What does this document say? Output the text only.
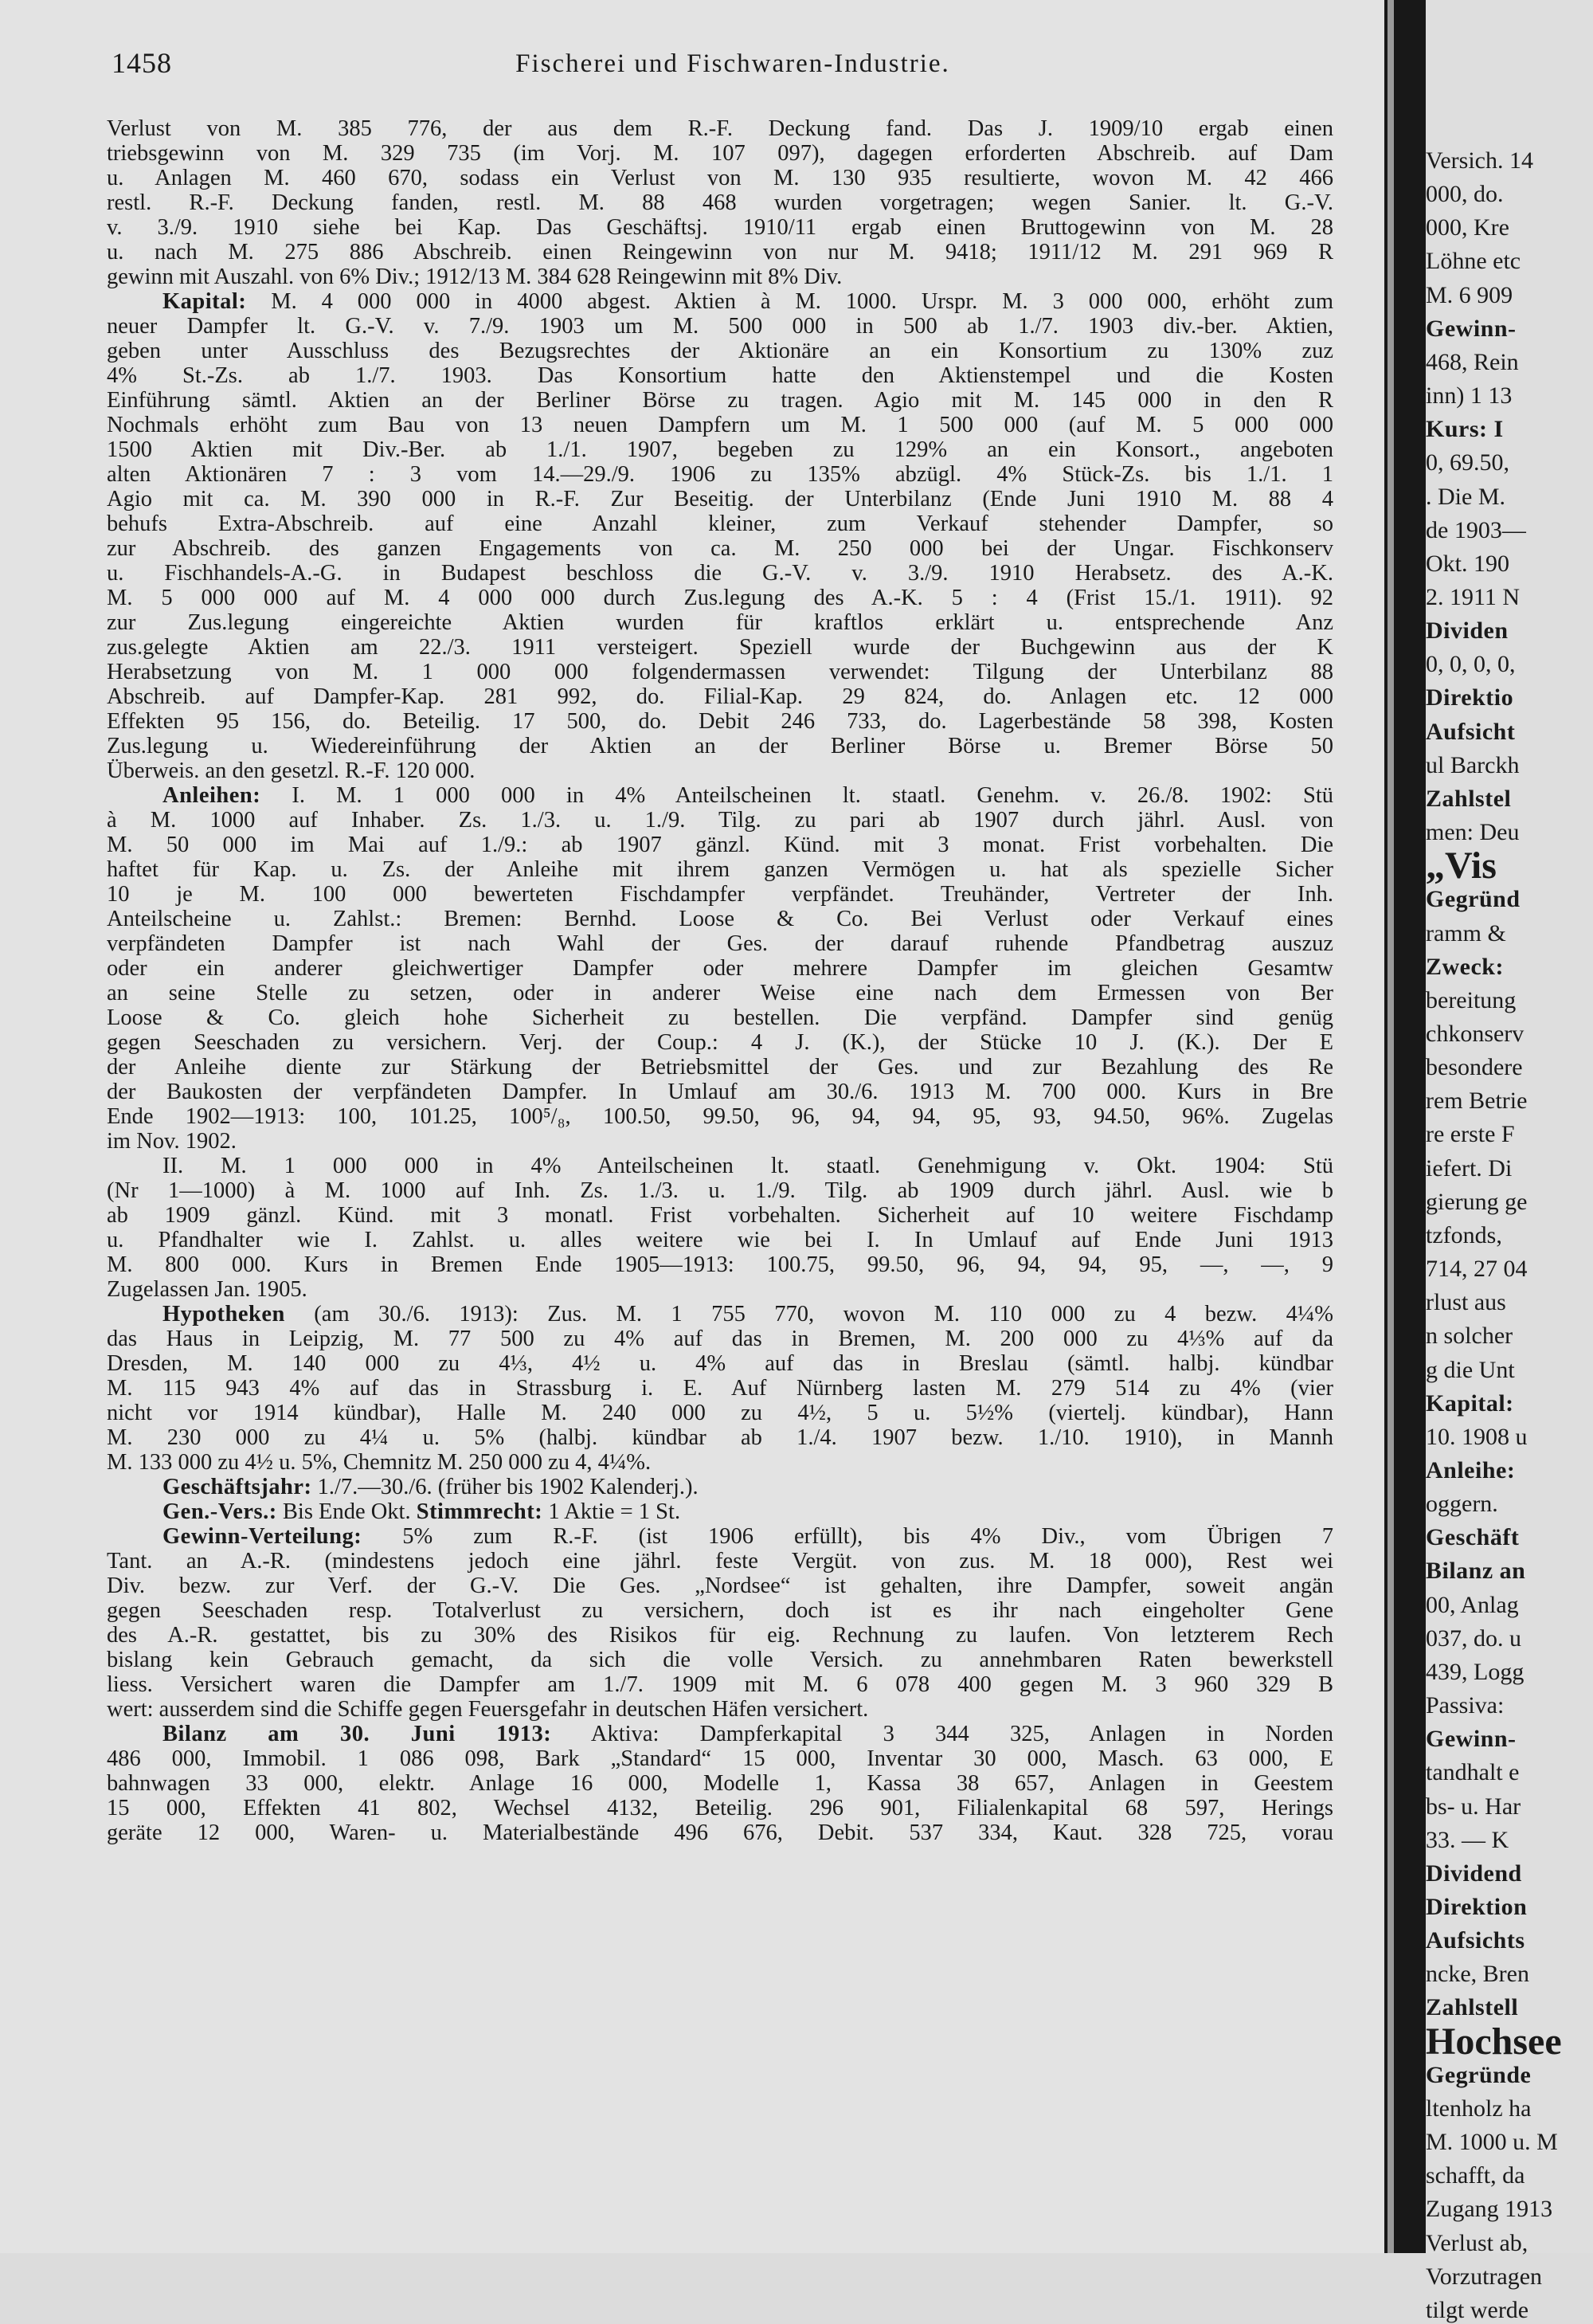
1458	Fischerei und Fischwaren-Industrie.
Verlust von M. 385 776, der aus dem R.-F. Deckung fand. Das J. 1909/10 ergab einen
triebsgewinn von M. 329 735 (im Vorj. M. 107 097), dagegen erforderten Abschreib. auf Dam
u. Anlagen M. 460 670, sodass ein Verlust von M. 130 935 resultierte, wovon M. 42 466
restl. R.-F. Deckung fanden, restl. M. 88 468 wurden vorgetragen; wegen Sanier. lt. G.-V.
v. 3./9. 1910 siehe bei Kap. Das Geschäftsj. 1910/11 ergab einen Bruttogewinn von M. 28
u. nach M. 275 886 Abschreib. einen Reingewinn von nur M. 9418; 1911/12 M. 291 969 R
gewinn mit Auszahl. von 6% Div.; 1912/13 M. 384 628 Reingewinn mit 8% Div.
Kapital: M. 4 000 000 in 4000 abgest. Aktien à M. 1000. Urspr. M. 3 000 000, erhöht zum
neuer Dampfer lt. G.-V. v. 7./9. 1903 um M. 500 000 in 500 ab 1./7. 1903 div.-ber. Aktien,
geben unter Ausschluss des Bezugsrechtes der Aktionäre an ein Konsortium zu 130% zuz
4% St.-Zs. ab 1./7. 1903. Das Konsortium hatte den Aktienstempel und die Kosten
Einführung sämtl. Aktien an der Berliner Börse zu tragen. Agio mit M. 145 000 in den R
Nochmals erhöht zum Bau von 13 neuen Dampfern um M. 1 500 000 (auf M. 5 000 000
1500 Aktien mit Div.-Ber. ab 1./1. 1907, begeben zu 129% an ein Konsort., angeboten
alten Aktionären 7 : 3 vom 14.—29./9. 1906 zu 135% abzügl. 4% Stück-Zs. bis 1./1. 1
Agio mit ca. M. 390 000 in R.-F. Zur Beseitig. der Unterbilanz (Ende Juni 1910 M. 88 4
behufs Extra-Abschreib. auf eine Anzahl kleiner, zum Verkauf stehender Dampfer, so
zur Abschreib. des ganzen Engagements von ca. M. 250 000 bei der Ungar. Fischkonserv
u. Fischhandels-A.-G. in Budapest beschloss die G.-V. v. 3./9. 1910 Herabsetz. des A.-K.
M. 5 000 000 auf M. 4 000 000 durch Zus.legung des A.-K. 5 : 4 (Frist 15./1. 1911). 92
zur Zus.legung eingereichte Aktien wurden für kraftlos erklärt u. entsprechende Anz
zus.gelegte Aktien am 22./3. 1911 versteigert. Speziell wurde der Buchgewinn aus der K
Herabsetzung von M. 1 000 000 folgendermassen verwendet: Tilgung der Unterbilanz 88
Abschreib. auf Dampfer-Kap. 281 992, do. Filial-Kap. 29 824, do. Anlagen etc. 12 000
Effekten 95 156, do. Beteilig. 17 500, do. Debit 246 733, do. Lagerbestände 58 398, Kosten
Zus.legung u. Wiedereinführung der Aktien an der Berliner Börse u. Bremer Börse 50
Überweis. an den gesetzl. R.-F. 120 000.
Anleihen: I. M. 1 000 000 in 4% Anteilscheinen lt. staatl. Genehm. v. 26./8. 1902: Stü
à M. 1000 auf Inhaber. Zs. 1./3. u. 1./9. Tilg. zu pari ab 1907 durch jährl. Ausl. von
M. 50 000 im Mai auf 1./9.: ab 1907 gänzl. Künd. mit 3 monat. Frist vorbehalten. Die
haftet für Kap. u. Zs. der Anleihe mit ihrem ganzen Vermögen u. hat als spezielle Sicher
10 je M. 100 000 bewerteten Fischdampfer verpfändet. Treuhänder, Vertreter der Inh.
Anteilscheine u. Zahlst.: Bremen: Bernhd. Loose & Co. Bei Verlust oder Verkauf eines
verpfändeten Dampfer ist nach Wahl der Ges. der darauf ruhende Pfandbetrag auszuz
oder ein anderer gleichwertiger Dampfer oder mehrere Dampfer im gleichen Gesamtw
an seine Stelle zu setzen, oder in anderer Weise eine nach dem Ermessen von Ber
Loose & Co. gleich hohe Sicherheit zu bestellen. Die verpfänd. Dampfer sind genüg
gegen Seeschaden zu versichern. Verj. der Coup.: 4 J. (K.), der Stücke 10 J. (K.). Der E
der Anleihe diente zur Stärkung der Betriebsmittel der Ges. und zur Bezahlung des Re
der Baukosten der verpfändeten Dampfer. In Umlauf am 30./6. 1913 M. 700 000. Kurs in Bre
Ende 1902—1913: 100, 101.25, 100⁵/₈, 100.50, 99.50, 96, 94, 94, 95, 93, 94.50, 96%. Zugelas
im Nov. 1902.
II. M. 1 000 000 in 4% Anteilscheinen lt. staatl. Genehmigung v. Okt. 1904: Stü
(Nr 1—1000) à M. 1000 auf Inh. Zs. 1./3. u. 1./9. Tilg. ab 1909 durch jährl. Ausl. wie b
ab 1909 gänzl. Künd. mit 3 monatl. Frist vorbehalten. Sicherheit auf 10 weitere Fischdamp
u. Pfandhalter wie I. Zahlst. u. alles weitere wie bei I. In Umlauf auf Ende Juni 1913
M. 800 000. Kurs in Bremen Ende 1905—1913: 100.75, 99.50, 96, 94, 94, 95, —, —, 9
Zugelassen Jan. 1905.
Hypotheken (am 30./6. 1913): Zus. M. 1 755 770, wovon M. 110 000 zu 4 bezw. 4¼%
das Haus in Leipzig, M. 77 500 zu 4% auf das in Bremen, M. 200 000 zu 4⅓% auf da
Dresden, M. 140 000 zu 4⅓, 4½ u. 4% auf das in Breslau (sämtl. halbj. kündbar
M. 115 943 4% auf das in Strassburg i. E. Auf Nürnberg lasten M. 279 514 zu 4% (vier
nicht vor 1914 kündbar), Halle M. 240 000 zu 4½, 5 u. 5½% (viertelj. kündbar), Hann
M. 230 000 zu 4¼ u. 5% (halbj. kündbar ab 1./4. 1907 bezw. 1./10. 1910), in Mannh
M. 133 000 zu 4½ u. 5%, Chemnitz M. 250 000 zu 4, 4¼%.
Geschäftsjahr: 1./7.—30./6. (früher bis 1902 Kalenderj.).
Gen.-Vers.: Bis Ende Okt. Stimmrecht: 1 Aktie = 1 St.
Gewinn-Verteilung: 5% zum R.-F. (ist 1906 erfüllt), bis 4% Div., vom Übrigen 7
Tant. an A.-R. (mindestens jedoch eine jährl. feste Vergüt. von zus. M. 18 000), Rest wei
Div. bezw. zur Verf. der G.-V. Die Ges. „Nordsee“ ist gehalten, ihre Dampfer, soweit angän
gegen Seeschaden resp. Totalverlust zu versichern, doch ist es ihr nach eingeholter Gene
des A.-R. gestattet, bis zu 30% des Risikos für eig. Rechnung zu laufen. Von letzterem Rech
bislang kein Gebrauch gemacht, da sich die volle Versich. zu annehmbaren Raten bewerkstell
liess. Versichert waren die Dampfer am 1./7. 1909 mit M. 6 078 400 gegen M. 3 960 329 B
wert: ausserdem sind die Schiffe gegen Feuersgefahr in deutschen Häfen versichert.
Bilanz am 30. Juni 1913: Aktiva: Dampferkapital 3 344 325, Anlagen in Norden
486 000, Immobil. 1 086 098, Bark „Standard“ 15 000, Inventar 30 000, Masch. 63 000, E
bahnwagen 33 000, elektr. Anlage 16 000, Modelle 1, Kassa 38 657, Anlagen in Geestem
15 000, Effekten 41 802, Wechsel 4132, Beteilig. 296 901, Filialenkapital 68 597, Herings
geräte 12 000, Waren- u. Materialbestände 496 676, Debit. 537 334, Kaut. 328 725, vorau
Versich. 14
000, do.
000, Kre
Löhne etc
M. 6 909
Gewinn-
468, Rein
inn) 1 13
Kurs: I
0, 69.50,
. Die M.
de 1903—
Okt. 190
2. 1911 N
Dividen
0, 0, 0, 0,
Direktio
Aufsicht
ul Barckh
Zahlstel
men: Deu
„Vis
Gegründ
ramm &
Zweck:
bereitung
chkonserv
besondere
rem Betrie
re erste F
iefert. Di
gierung ge
tzfonds,
714, 27 04
rlust aus
n solcher
g die Unt
Kapital:
10. 1908 u
Anleihe:
oggern.
Geschäft
Bilanz an
00, Anlag
037, do. u
439, Logg
Passiva:
Gewinn-
tandhalt e
bs- u. Har
33. — K
Dividend
Direktion
Aufsichts
ncke, Bren
Zahlstell
Hochsee
Gegründe
ltenholz ha
M. 1000 u. M
schafft, da
Zugang 1913
Verlust ab,
Vorzutragen
tilgt werde
